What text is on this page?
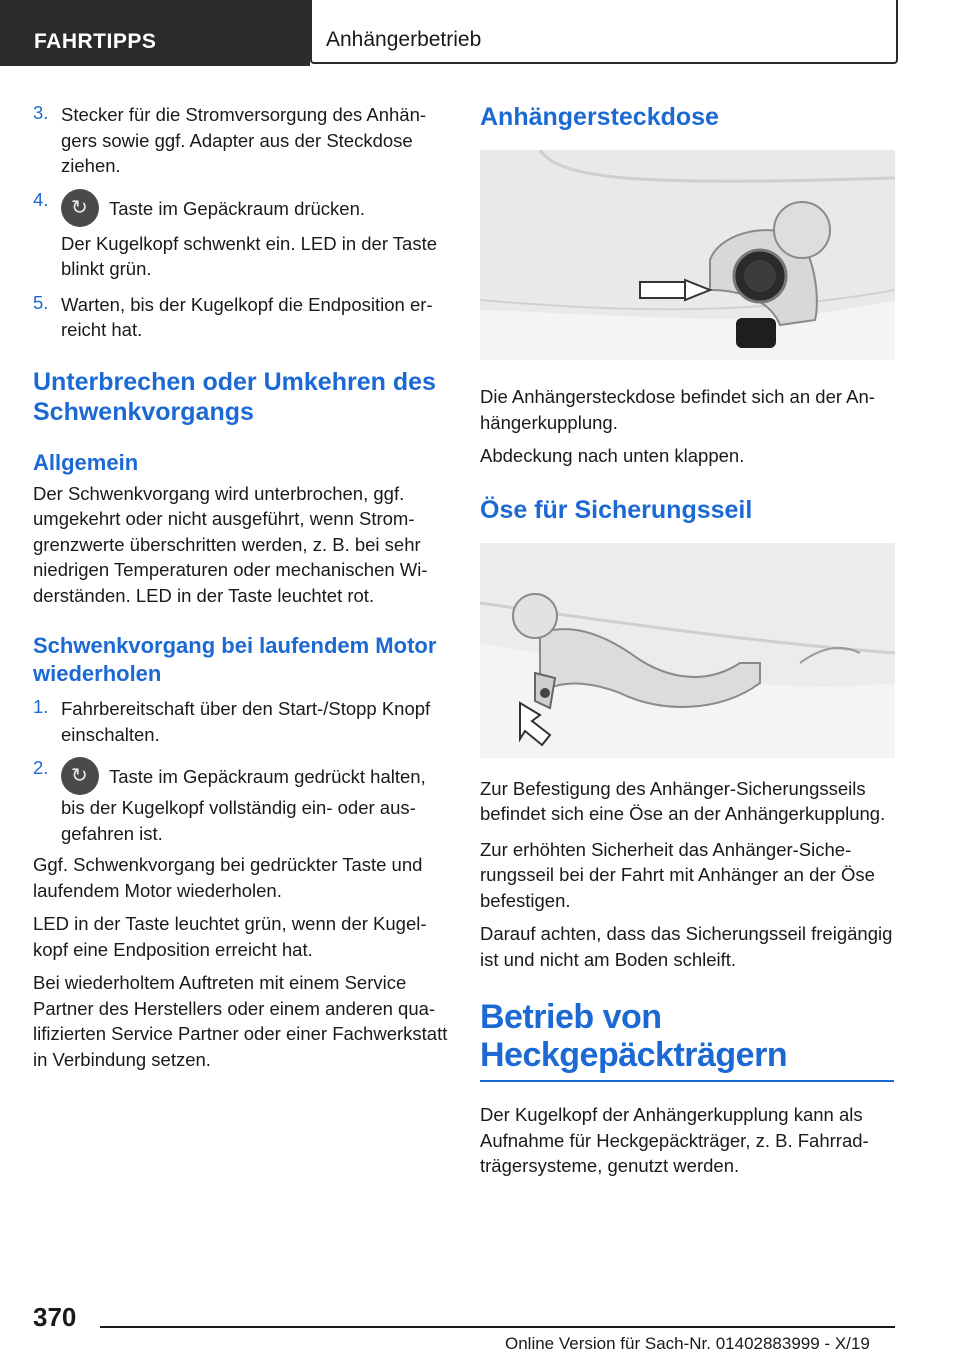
FAHRTIPPS	Anhängerbetrieb
3. Stecker für die Stromversorgung des Anhängers sowie ggf. Adapter aus der Steckdose ziehen.

4. ↻	Taste im Gepäckraum drücken.

Der Kugelkopf schwenkt ein. LED in der Taste blinkt grün.

5. Warten, bis der Kugelkopf die Endposition erreicht hat.

Unterbrechen oder Umkehren des Schwenkvorgangs
Allgemein

Der Schwenkvorgang wird unterbrochen, ggf. umgekehrt oder nicht ausgeführt, wenn Stromgrenzwerte überschritten werden, z. B. bei sehr niedrigen Temperaturen oder mechanischen Widerständen. LED in der Taste leuchtet rot.

Schwenkvorgang bei laufendem Motor wiederholen
1. Fahrbereitschaft über den Start-/Stopp Knopf einschalten.

2. ↻	Taste im Gepäckraum gedrückt halten, bis der Kugelkopf vollständig ein- oder ausgefahren ist.

Ggf. Schwenkvorgang bei gedrückter Taste und laufendem Motor wiederholen.

LED in der Taste leuchtet grün, wenn der Kugelkopf eine Endposition erreicht hat.

Bei wiederholtem Auftreten mit einem Service Partner des Herstellers oder einem anderen qualifizierten Service Partner oder einer Fachwerkstatt in Verbindung setzen.

Anhängersteckdose

Die Anhängersteckdose befindet sich an der Anhängerkupplung.

Abdeckung nach unten klappen.

Öse für Sicherungsseil

Zur Befestigung des Anhänger-Sicherungsseils befindet sich eine Öse an der Anhängerkupplung.

Zur erhöhten Sicherheit das Anhänger-Sicherungsseil bei der Fahrt mit Anhänger an der Öse befestigen.

Darauf achten, dass das Sicherungsseil freigängig ist und nicht am Boden schleift.

Betrieb von Heckgepäckträgern

Der Kugelkopf der Anhängerkupplung kann als Aufnahme für Heckgepäckträger, z. B. Fahrradträgersysteme, genutzt werden.

370
Online Version für Sach-Nr. 01402883999 - X/19
